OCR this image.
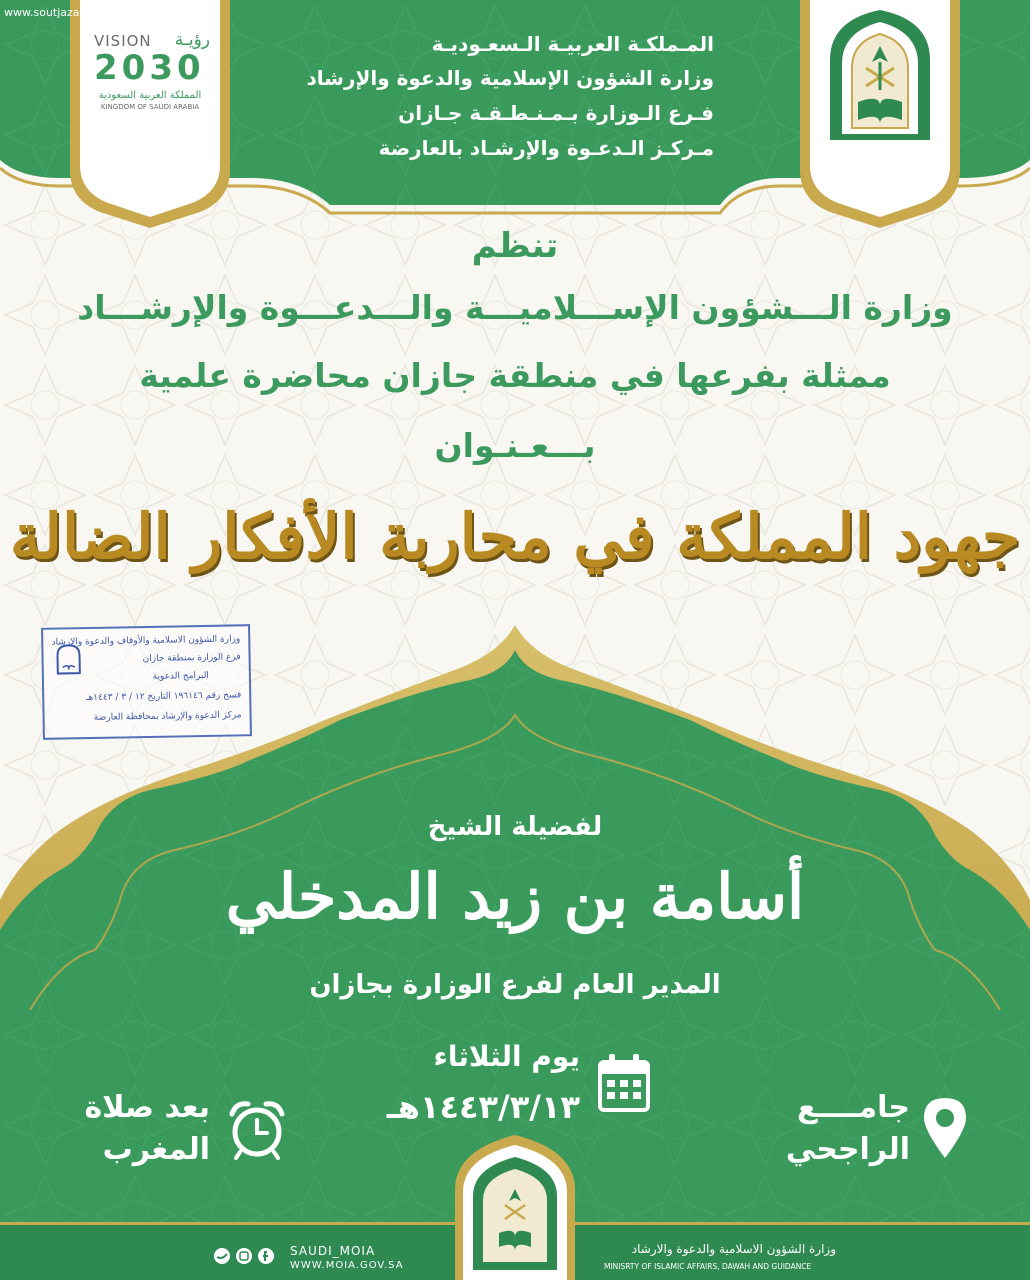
www.soutjazaan
VISION رؤيـة
2030
المملكة العربية السعودية
KINGDOM OF SAUDI ARABIA
المـملكـة العربيـة الـسعـوديـة
وزارة الشؤون الإسلامية والدعوة والإرشاد
فـرع الـوزارة بـمـنـطـقـة جـازان
مـركـز الـدعـوة والإرشـاد بالعارضة
تنظم
وزارة الـــشؤون الإســـلاميـــة والـــدعـــوة والإرشـــاد
ممثلة بفرعها في منطقة جازان محاضرة علمية
بـــعـنـوان
جهود المملكة في محاربة الأفكار الضالة
وزارة الشؤون الاسلامية والأوقاف والدعوة والإرشاد
فرع الوزارة بمنطقة جازان
البرامج الدعوية
فسح رقم ١٩٦١٤٦ التاريخ ١٢ / ٣ / ١٤٤٣هـ
مركز الدعوة والإرشاد بمحافظة العارضة
لفضيلة الشيخ
أسامة بن زيد المدخلي
المدير العام لفرع الوزارة بجازان
يوم الثلاثاء
١٤٤٣/٣/١٣هـ
بعد صلاة
المغرب
جامــــع
الراجحي
SAUDI_MOIA
WWW.MOIA.GOV.SA
وزارة الشؤون الاسلامية والدعوة والارشاد
MINISRTY OF ISLAMIC AFFAIRS, DAWAH AND GUIDANCE
